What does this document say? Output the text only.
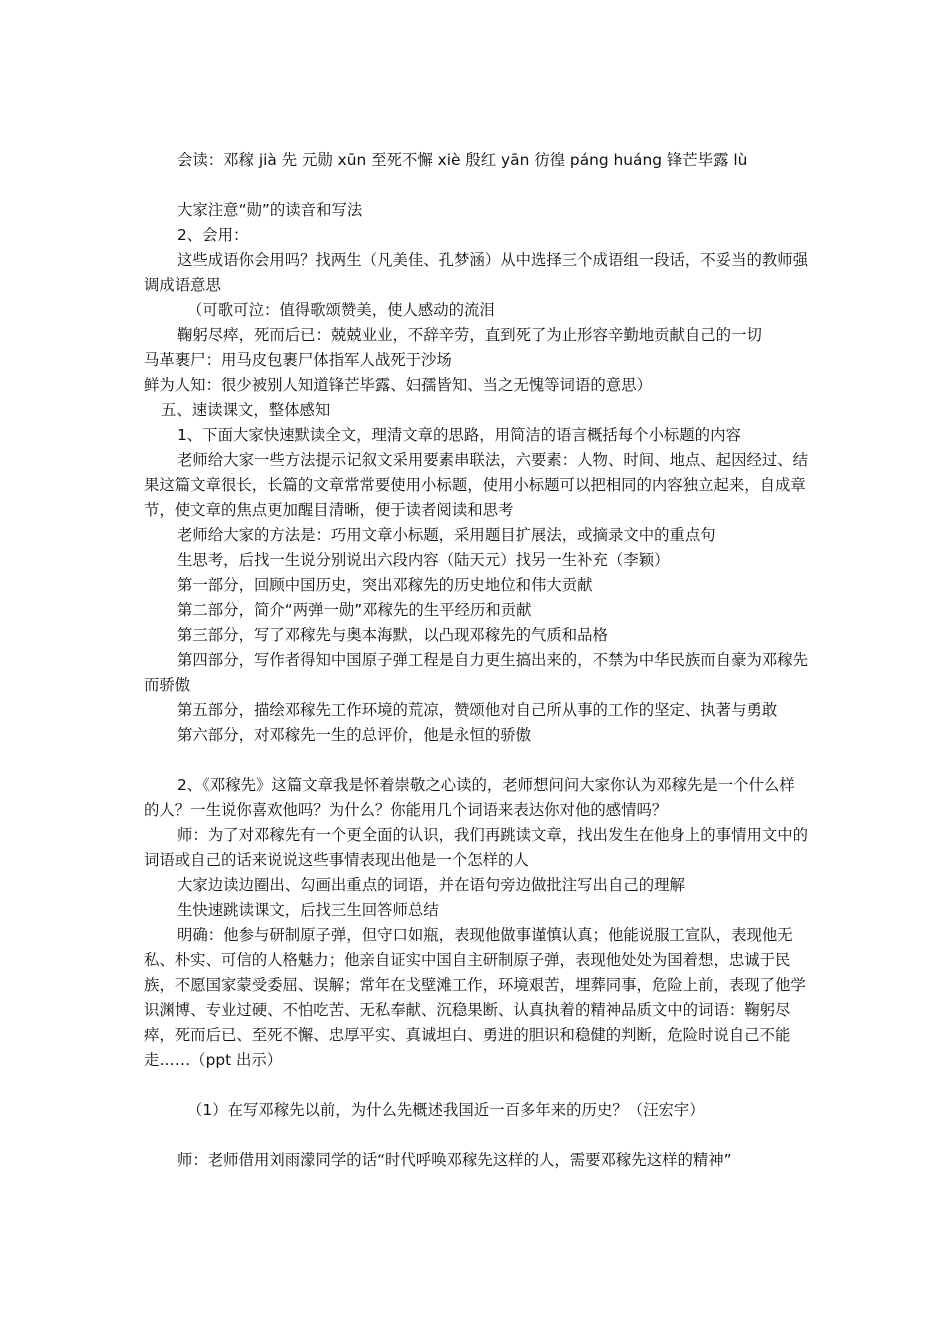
会读：邓稼 jià 先 元勋 xūn 至死不懈 xiè 殷红 yān 彷徨 páng huáng 锋芒毕露 lù

大家注意“勋”的读音和写法

2、会用：

这些成语你会用吗？找两生（凡美佳、孔梦涵）从中选择三个成语组一段话，不妥当的教师强调成语意思

（可歌可泣：值得歌颂赞美，使人感动的流泪

鞠躬尽瘁，死而后已：兢兢业业，不辞辛劳，直到死了为止形容辛勤地贡献自己的一切

马革裹尸：用马皮包裹尸体指军人战死于沙场

鲜为人知：很少被别人知道锋芒毕露、妇孺皆知、当之无愧等词语的意思）

五、速读课文，整体感知

1、下面大家快速默读全文，理清文章的思路，用简洁的语言概括每个小标题的内容

老师给大家一些方法提示记叙文采用要素串联法，六要素：人物、时间、地点、起因经过、结果这篇文章很长，长篇的文章常常要使用小标题，使用小标题可以把相同的内容独立起来，自成章节，使文章的焦点更加醒目清晰，便于读者阅读和思考

老师给大家的方法是：巧用文章小标题，采用题目扩展法，或摘录文中的重点句

生思考，后找一生说分别说出六段内容（陆天元）找另一生补充（李颖）

第一部分，回顾中国历史，突出邓稼先的历史地位和伟大贡献

第二部分，简介“两弹一勋”邓稼先的生平经历和贡献

第三部分，写了邓稼先与奥本海默，以凸现邓稼先的气质和品格

第四部分，写作者得知中国原子弹工程是自力更生搞出来的，不禁为中华民族而自豪为邓稼先而骄傲

第五部分，描绘邓稼先工作环境的荒凉，赞颂他对自己所从事的工作的坚定、执著与勇敢

第六部分，对邓稼先一生的总评价，他是永恒的骄傲

2、《邓稼先》这篇文章我是怀着崇敬之心读的，老师想问问大家你认为邓稼先是一个什么样的人？一生说你喜欢他吗？为什么？你能用几个词语来表达你对他的感情吗？

师：为了对邓稼先有一个更全面的认识，我们再跳读文章，找出发生在他身上的事情用文中的词语或自己的话来说说这些事情表现出他是一个怎样的人

大家边读边圈出、勾画出重点的词语，并在语句旁边做批注写出自己的理解

生快速跳读课文，后找三生回答师总结

明确：他参与研制原子弹，但守口如瓶，表现他做事谨慎认真；他能说服工宣队，表现他无私、朴实、可信的人格魅力；他亲自证实中国自主研制原子弹，表现他处处为国着想，忠诚于民族，不愿国家蒙受委屈、误解；常年在戈壁滩工作，环境艰苦，埋葬同事，危险上前，表现了他学识渊博、专业过硬、不怕吃苦、无私奉献、沉稳果断、认真执着的精神品质文中的词语：鞠躬尽瘁，死而后已、至死不懈、忠厚平实、真诚坦白、勇进的胆识和稳健的判断，危险时说自己不能走……（ppt 出示）

（1）在写邓稼先以前，为什么先概述我国近一百多年来的历史？（汪宏宇）

师：老师借用刘雨濛同学的话“时代呼唤邓稼先这样的人，需要邓稼先这样的精神”
